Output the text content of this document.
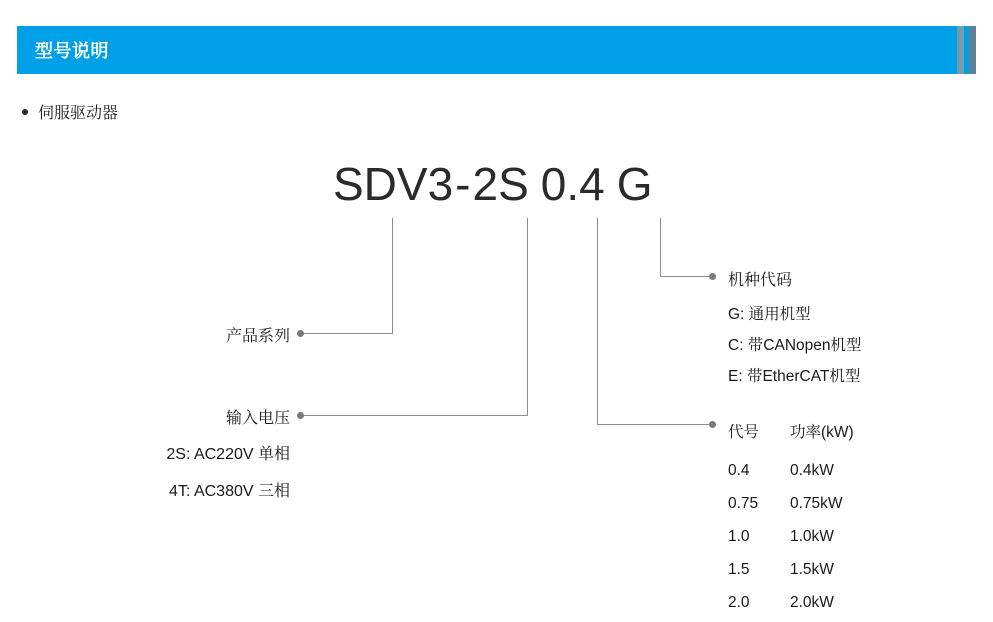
型号说明
伺服驱动器
SDV3 - 2S 0.4 G
产品系列
输入电压
2S: AC220V 单相
4T: AC380V 三相
机种代码
G: 通用机型
C: 带CANopen机型
E: 带EtherCAT机型
代号	功率(kW)
0.4	0.4kW
0.75	0.75kW
1.0	1.0kW
1.5	1.5kW
2.0	2.0kW
